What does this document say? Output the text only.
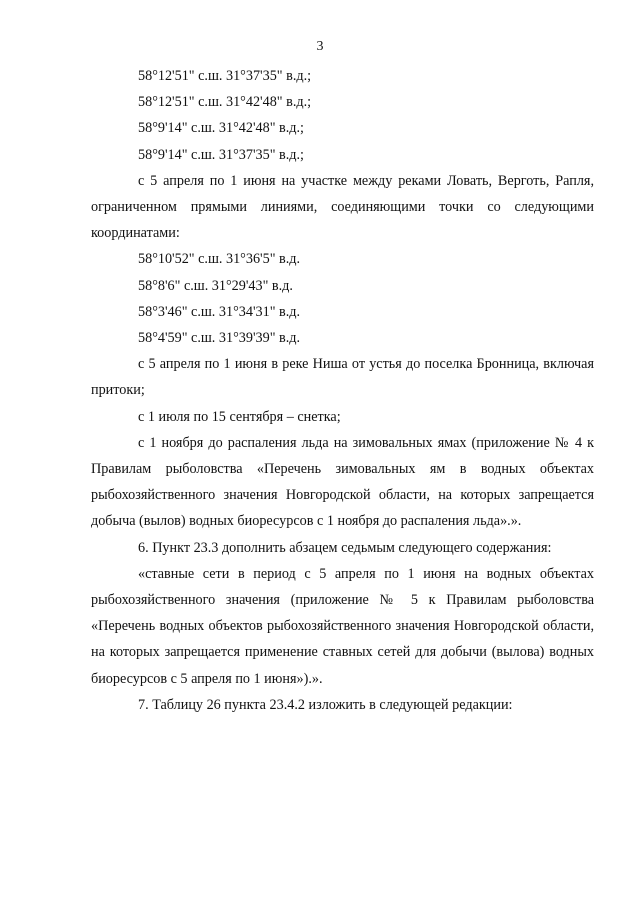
3

58°12'51" с.ш. 31°37'35" в.д.;

58°12'51" с.ш. 31°42'48" в.д.;

58°9'14" с.ш. 31°42'48" в.д.;

58°9'14" с.ш. 31°37'35" в.д.;

с 5 апреля по 1 июня на участке между реками Ловать, Верготь, Рапля, ограниченном прямыми линиями, соединяющими точки со следующими координатами:

58°10'52" с.ш. 31°36'5" в.д.

58°8'6" с.ш. 31°29'43" в.д.

58°3'46" с.ш. 31°34'31" в.д.

58°4'59" с.ш. 31°39'39" в.д.

с 5 апреля по 1 июня в реке Ниша от устья до поселка Бронница, включая притоки;

с 1 июля по 15 сентября – снетка;

с 1 ноября до распаления льда на зимовальных ямах (приложение № 4 к Правилам рыболовства «Перечень зимовальных ям в водных объектах рыбохозяйственного значения Новгородской области, на которых запрещается добыча (вылов) водных биоресурсов с 1 ноября до распаления льда».».

6. Пункт 23.3 дополнить абзацем седьмым следующего содержания:

«ставные сети в период с 5 апреля по 1 июня на водных объектах рыбохозяйственного значения (приложение № 5 к Правилам рыболовства «Перечень водных объектов рыбохозяйственного значения Новгородской области, на которых запрещается применение ставных сетей для добычи (вылова) водных биоресурсов с 5 апреля по 1 июня»).».

7. Таблицу 26 пункта 23.4.2 изложить в следующей редакции:
